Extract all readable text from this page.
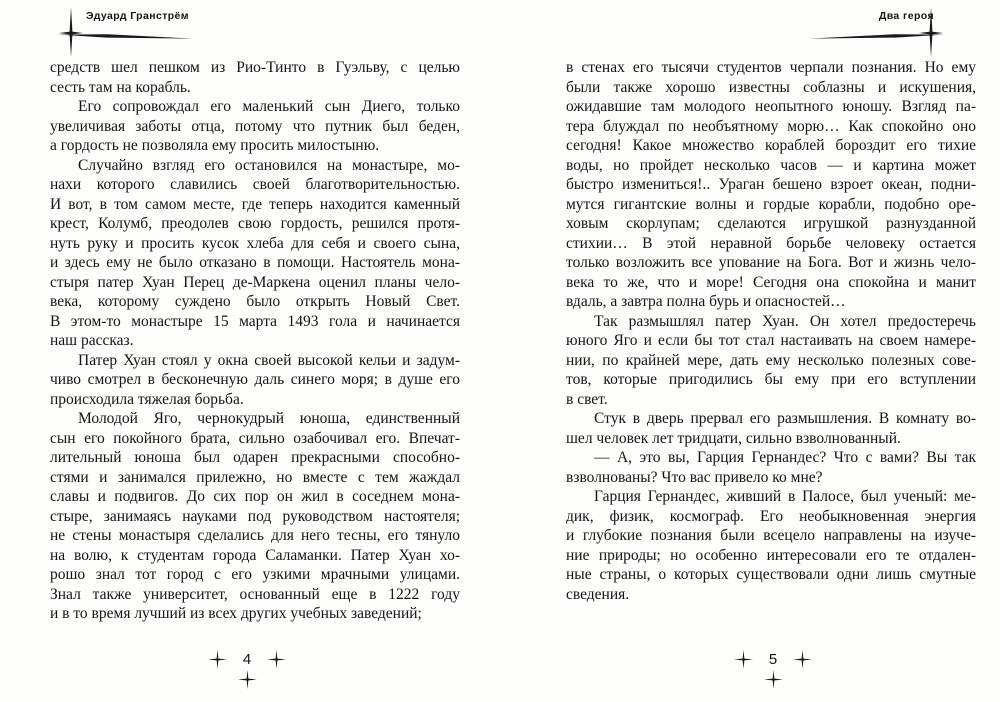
Эдуард Гранстрём
средств шел пешком из Рио-Тинто в Гуэльву, с целью
сесть там на корабль.
Его сопровождал его маленький сын Диего, только
увеличивая заботы отца, потому что путник был беден,
а гордость не позволяла ему просить милостыню.
Случайно взгляд его остановился на монастыре, мо-
нахи которого славились своей благотворительностью.
И вот, в том самом месте, где теперь находится каменный
крест, Колумб, преодолев свою гордость, решился протя-
нуть руку и просить кусок хлеба для себя и своего сына,
и здесь ему не было отказано в помощи. Настоятель мона-
стыря патер Хуан Перец де-Маркена оценил планы чело-
века, которому суждено было открыть Новый Свет.
В этом-то монастыре 15 марта 1493 гола и начинается
наш рассказ.
Патер Хуан стоял у окна своей высокой кельи и задум-
чиво смотрел в бесконечную даль синего моря; в душе его
происходила тяжелая борьба.
Молодой Яго, чернокудрый юноша, единственный
сын его покойного брата, сильно озабочивал его. Впечат-
лительный юноша был одарен прекрасными способно-
стями и занимался прилежно, но вместе с тем жаждал
славы и подвигов. До сих пор он жил в соседнем мона-
стыре, занимаясь науками под руководством настоятеля;
не стены монастыря сделались для него тесны, его тянуло
на волю, к студентам города Саламанки. Патер Хуан хо-
рошо знал тот город с его узкими мрачными улицами.
Знал также университет, основанный еще в 1222 году
и в то время лучший из всех других учебных заведений;
4
Два героя
в стенах его тысячи студентов черпали познания. Но ему
были также хорошо известны соблазны и искушения,
ожидавшие там молодого неопытного юношу. Взгляд па-
тера блуждал по необъятному морю… Как спокойно оно
сегодня! Какое множество кораблей бороздит его тихие
воды, но пройдет несколько часов — и картина может
быстро измениться!.. Ураган бешено взроет океан, подни-
мутся гигантские волны и гордые корабли, подобно оре-
ховым скорлупам; сделаются игрушкой разнузданной
стихии… В этой неравной борьбе человеку остается
только возложить все упование на Бога. Вот и жизнь чело-
века то же, что и море! Сегодня она спокойна и манит
вдаль, а завтра полна бурь и опасностей…
Так размышлял патер Хуан. Он хотел предостеречь
юного Яго и если бы тот стал настаивать на своем намере-
нии, по крайней мере, дать ему несколько полезных сове-
тов, которые пригодились бы ему при его вступлении
в свет.
Стук в дверь прервал его размышления. В комнату во-
шел человек лет тридцати, сильно взволнованный.
— А, это вы, Гарция Гернандес? Что с вами? Вы так
взволнованы? Что вас привело ко мне?
Гарция Гернандес, живший в Палосе, был ученый: ме-
дик, физик, космограф. Его необыкновенная энергия
и глубокие познания были всецело направлены на изуче-
ние природы; но особенно интересовали его те отдален-
ные страны, о которых существовали одни лишь смутные
сведения.
5
